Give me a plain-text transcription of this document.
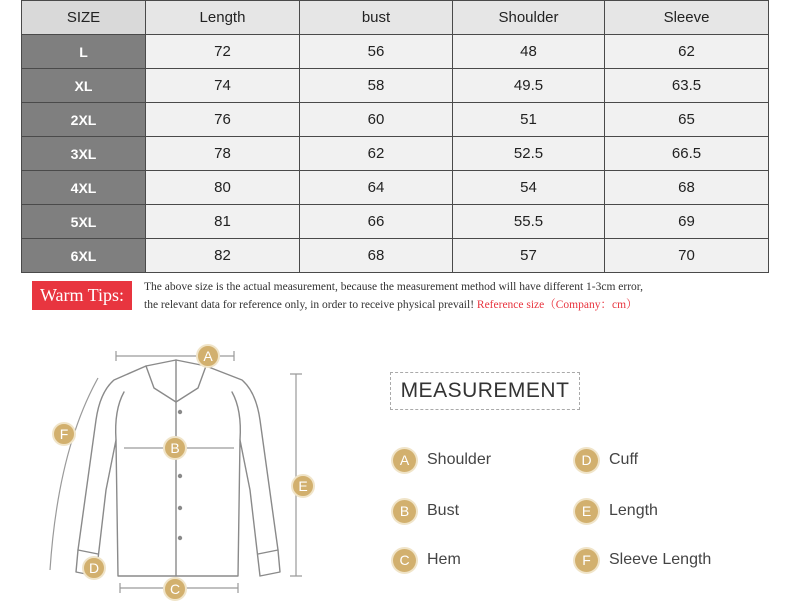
SIZE	Length	bust	Shoulder	Sleeve
L	72	56	48	62
XL	74	58	49.5	63.5
2XL	76	60	51	65
3XL	78	62	52.5	66.5
4XL	80	64	54	68
5XL	81	66	55.5	69
6XL	82	68	57	70
Warm Tips:	The above size is the actual measurement, because the measurement method will have different 1-3cm error,
the relevant data for reference only, in order to receive physical prevail! Reference size（Company：cm）
A
B
C
D
E
F
MEASUREMENT
A	Shoulder
B	Bust
C	Hem
D	Cuff
E	Length
F	Sleeve Length
